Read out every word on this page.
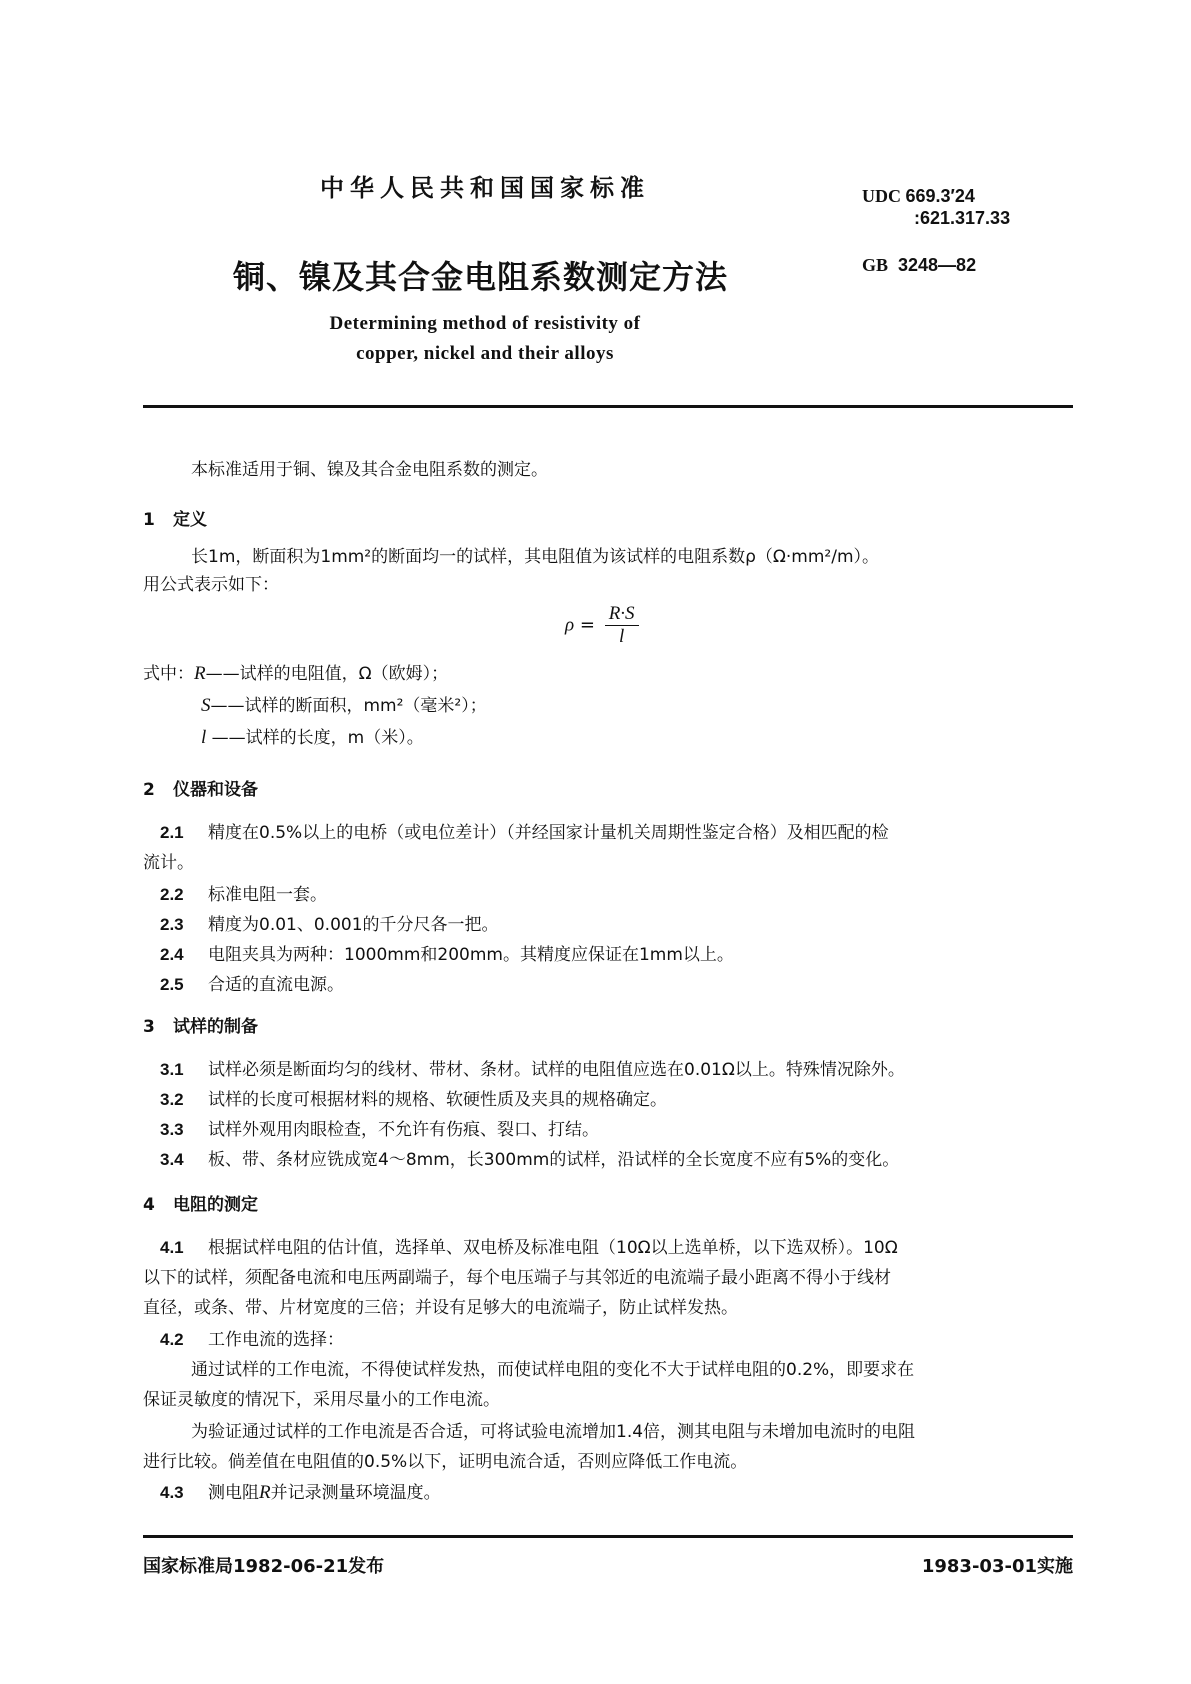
中华人民共和国国家标准	UDC 669.3′24
:621.317.33
铜、镍及其合金电阻系数测定方法	GB 3248—82
Determining method of resistivity of
copper, nickel and their alloys
本标准适用于铜、镍及其合金电阻系数的测定。
1 定义
长1m，断面积为1mm²的断面均一的试样，其电阻值为该试样的电阻系数ρ（Ω·mm²/m）。
用公式表示如下：
$\rho = \frac{R\cdot S}{l}$
式中：R——试样的电阻值，Ω（欧姆）；
S——试样的断面积，mm²（毫米²）；
l ——试样的长度，m（米）。
2 仪器和设备
2.1 精度在0.5%以上的电桥（或电位差计）（并经国家计量机关周期性鉴定合格）及相匹配的检
流计。
2.2 标准电阻一套。
2.3 精度为0.01、0.001的千分尺各一把。
2.4 电阻夹具为两种：1000mm和200mm。其精度应保证在1mm以上。
2.5 合适的直流电源。
3 试样的制备
3.1 试样必须是断面均匀的线材、带材、条材。试样的电阻值应选在0.01Ω以上。特殊情况除外。
3.2 试样的长度可根据材料的规格、软硬性质及夹具的规格确定。
3.3 试样外观用肉眼检查，不允许有伤痕、裂口、打结。
3.4 板、带、条材应铣成宽4～8mm，长300mm的试样，沿试样的全长宽度不应有5%的变化。
4 电阻的测定
4.1 根据试样电阻的估计值，选择单、双电桥及标准电阻（10Ω以上选单桥，以下选双桥）。10Ω
以下的试样，须配备电流和电压两副端子，每个电压端子与其邻近的电流端子最小距离不得小于线材
直径，或条、带、片材宽度的三倍；并设有足够大的电流端子，防止试样发热。
4.2 工作电流的选择：
通过试样的工作电流，不得使试样发热，而使试样电阻的变化不大于试样电阻的0.2%，即要求在
保证灵敏度的情况下，采用尽量小的工作电流。
为验证通过试样的工作电流是否合适，可将试验电流增加1.4倍，测其电阻与未增加电流时的电阻
进行比较。倘差值在电阻值的0.5%以下，证明电流合适，否则应降低工作电流。
4.3 测电阻R并记录测量环境温度。
国家标准局1982-06-21发布	1983-03-01实施
